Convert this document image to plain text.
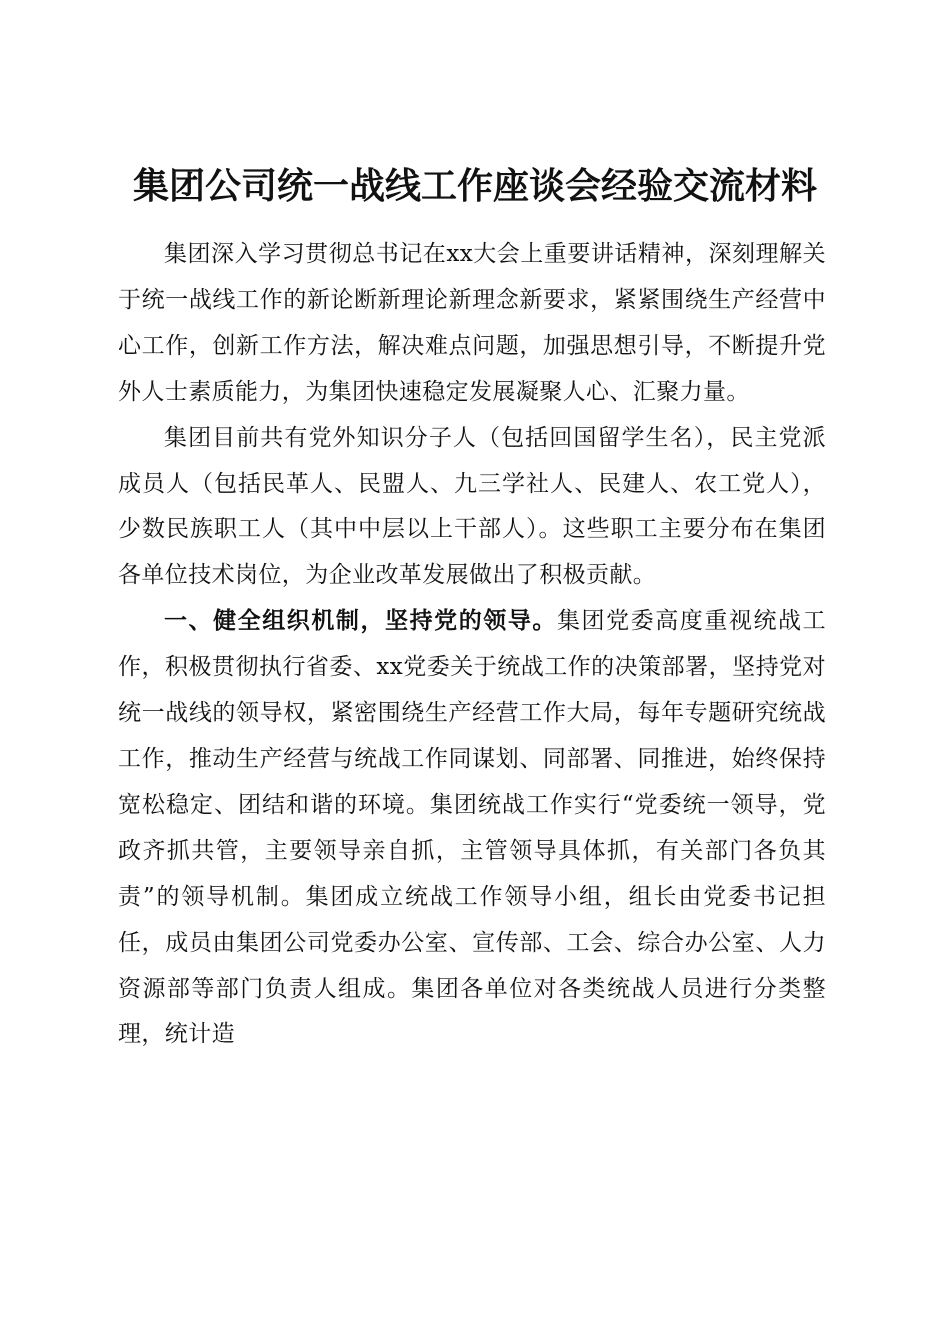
集团公司统一战线工作座谈会经验交流材料

集团深入学习贯彻总书记在xx大会上重要讲话精神，深刻理解关于统一战线工作的新论断新理论新理念新要求，紧紧围绕生产经营中心工作，创新工作方法，解决难点问题，加强思想引导，不断提升党外人士素质能力，为集团快速稳定发展凝聚人心、汇聚力量。

集团目前共有党外知识分子人（包括回国留学生名），民主党派成员人（包括民革人、民盟人、九三学社人、民建人、农工党人），少数民族职工人（其中中层以上干部人）。这些职工主要分布在集团各单位技术岗位，为企业改革发展做出了积极贡献。

一、健全组织机制，坚持党的领导。集团党委高度重视统战工作，积极贯彻执行省委、xx党委关于统战工作的决策部署，坚持党对统一战线的领导权，紧密围绕生产经营工作大局，每年专题研究统战工作，推动生产经营与统战工作同谋划、同部署、同推进，始终保持宽松稳定、团结和谐的环境。集团统战工作实行“党委统一领导，党政齐抓共管，主要领导亲自抓，主管领导具体抓，有关部门各负其责”的领导机制。集团成立统战工作领导小组，组长由党委书记担任，成员由集团公司党委办公室、宣传部、工会、综合办公室、人力资源部等部门负责人组成。集团各单位对各类统战人员进行分类整理，统计造
